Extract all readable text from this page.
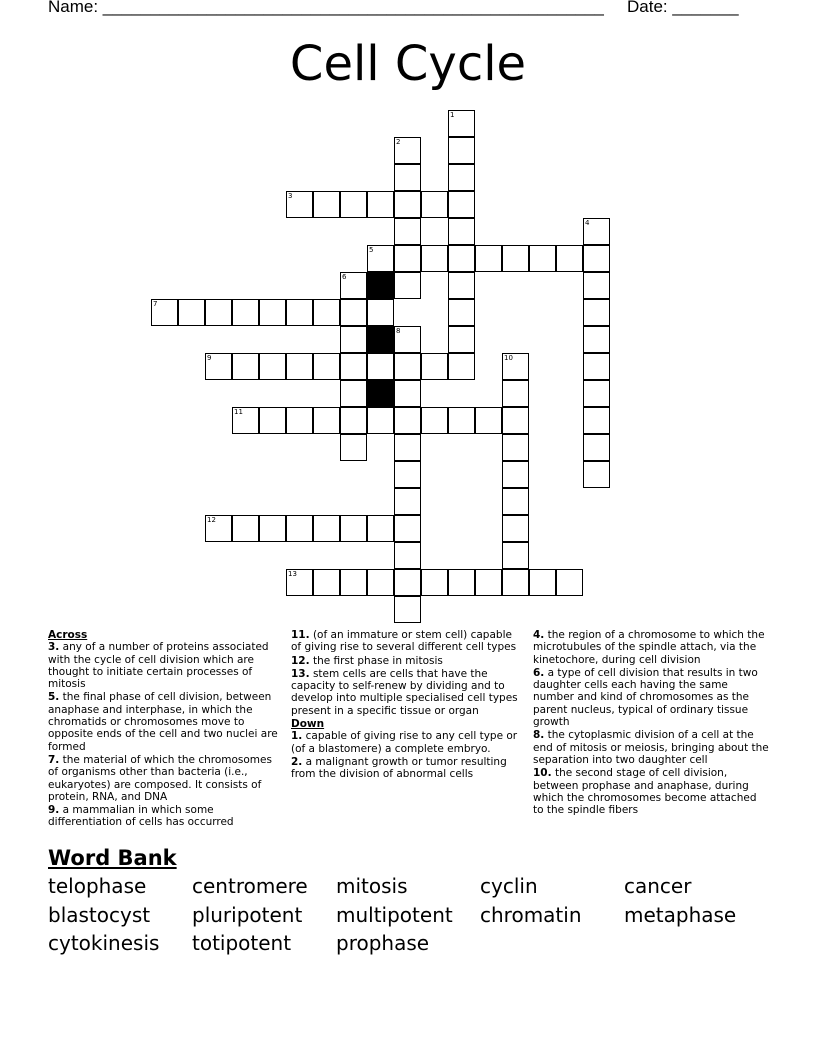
Name: _____________________________________________________ Date: _______
Cell Cycle
1
2
3
4
5
6
7
8
9	10
11
12
13
Across
3. any of a number of proteins associated with the cycle of cell division which are thought to initiate certain processes of mitosis
5. the final phase of cell division, between anaphase and interphase, in which the chromatids or chromosomes move to opposite ends of the cell and two nuclei are formed
7. the material of which the chromosomes of organisms other than bacteria (i.e., eukaryotes) are composed. It consists of protein, RNA, and DNA
9. a mammalian in which some differentiation of cells has occurred
11. (of an immature or stem cell) capable of giving rise to several different cell types
12. the first phase in mitosis
13. stem cells are cells that have the capacity to self-renew by dividing and to develop into multiple specialised cell types present in a specific tissue or organ
Down
1. capable of giving rise to any cell type or (of a blastomere) a complete embryo.
2. a malignant growth or tumor resulting from the division of abnormal cells
4. the region of a chromosome to which the microtubules of the spindle attach, via the kinetochore, during cell division
6. a type of cell division that results in two daughter cells each having the same number and kind of chromosomes as the parent nucleus, typical of ordinary tissue growth
8. the cytoplasmic division of a cell at the end of mitosis or meiosis, bringing about the separation into two daughter cell
10. the second stage of cell division, between prophase and anaphase, during which the chromosomes become attached to the spindle fibers
Word Bank
telophase centromere mitosis	cyclin	cancer
blastocyst pluripotent multipotent chromatin metaphase
cytokinesis totipotent prophase
